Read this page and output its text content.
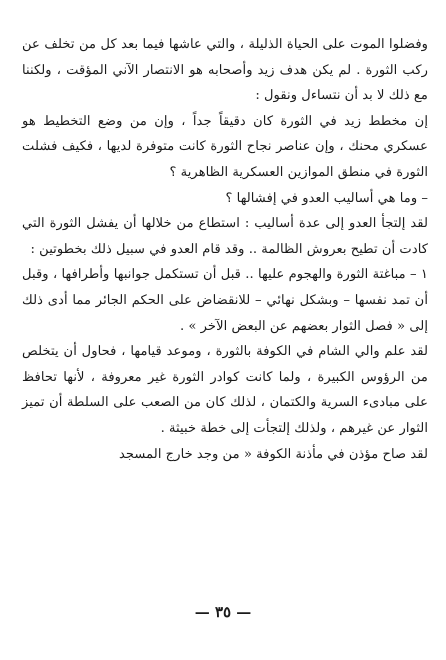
وفضلوا الموت على الحياة الذليلة ، والتي عاشها فيما بعد كل من تخلف عن ركب الثورة . لم يكن هدف زيد وأصحابه هو الانتصار الآني المؤقت ، ولكننا مع ذلك لا بد أن نتساءل ونقول :

إن مخطط زيد في الثورة كان دقيقاً جداً ، وإن من وضع التخطيط هو عسكري محنك ، وإن عناصر نجاح الثورة كانت متوفرة لديها ، فكيف فشلت الثورة في منطق الموازين العسكرية الظاهرية ؟

– وما هي أساليب العدو في إفشالها ؟

لقد إلتجأ العدو إلى عدة أساليب : استطاع من خلالها أن يفشل الثورة التي كادت أن تطيح بعروش الظالمة .. وقد قام العدو في سبيل ذلك بخطوتين :

١ – مباغتة الثورة والهجوم عليها .. قبل أن تستكمل جوانبها وأطرافها ، وقبل أن تمد نفسها – وبشكل نهائي – للانقضاض على الحكم الجائر مما أدى ذلك إلى « فصل الثوار بعضهم عن البعض الآخر » .

لقد علم والي الشام في الكوفة بالثورة ، وموعد قيامها ، فحاول أن يتخلص من الرؤوس الكبيرة ، ولما كانت كوادر الثورة غير معروفة ، لأنها تحافظ على مبادىء السرية والكتمان ، لذلك كان من الصعب على السلطة أن تميز الثوار عن غيرهم ، ولذلك إلتجأت إلى خطة خبيثة .

لقد صاح مؤذن في مأذنة الكوفة « من وجد خارج المسجد

— ٣٥ —
